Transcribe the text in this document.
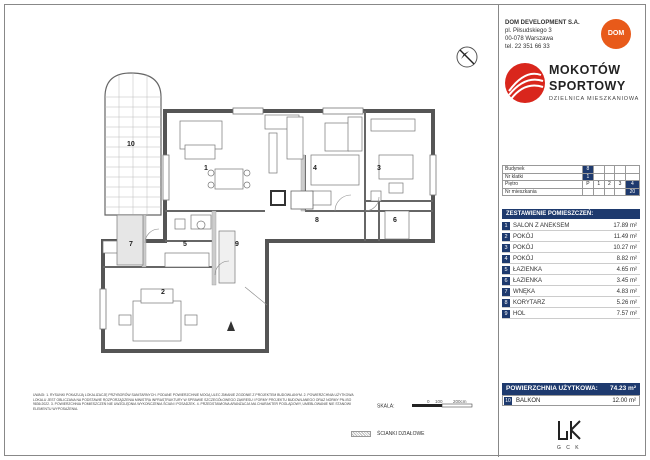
10
1
2
3
4
5
6
7
8
9
UWAGI: 1. RYSUNKI POKAZUJĄ LOKALIZACJĘ PRZYBORÓW SANITARNYCH. PODANE POWIERZCHNIE MOGĄ ULEC ZMIANIE ZGODNIE Z PROJEKTEM BUDOWLANYM. 2. POWIERZCHNIA UŻYTKOWA LOKALU JEST OBLICZANA NA PODSTAWIE ROZPORZĄDZENIA MINISTRA INFRASTRUKTURY W SPRAWIE SZCZEGÓŁOWEGO ZAKRESU I FORMY PROJEKTU BUDOWLANEGO ORAZ NORMY PN-ISO 9836:2022. 3. POWIERZCHNIA POMIESZCZEŃ NIE UWZGLĘDNIA WYKOŃCZENIA ŚCIAN I POSADZEK. 4. PRZEDSTAWIONA ARANŻACJA MA CHARAKTER POGLĄDOWY, UMEBLOWANIE NIE STANOWI ELEMENTU WYPOSAŻENIA.	SKALA:
0 100 200cm
ŚCIANKI DZIAŁOWE
DOM DEVELOPMENT S.A.
pl. Piłsudskiego 3
00-078 Warszawa
tel. 22 351 66 33
DOM
MOKOTÓW
SPORTOWY
DZIELNICA MIESZKANIOWA
Budynek	8				
Nr klatki	1				
Piętro	P	1	2	3	4
Nr mieszkania					20
ZESTAWIENIE POMIESZCZEŃ:
1 SALON Z ANEKSEM	17.89 m²
2 POKÓJ	11.49 m²
3 POKÓJ	10.27 m²
4 POKÓJ	8.82 m²
5 ŁAZIENKA	4.65 m²
6 ŁAZIENKA	3.45 m²
7 WNĘKA	4.83 m²
8 KORYTARZ	5.26 m²
9 HOL	7.57 m²
POWIERZCHNIA UŻYTKOWA: 74.23 m²
10 BALKON	12.00 m²
G C K
